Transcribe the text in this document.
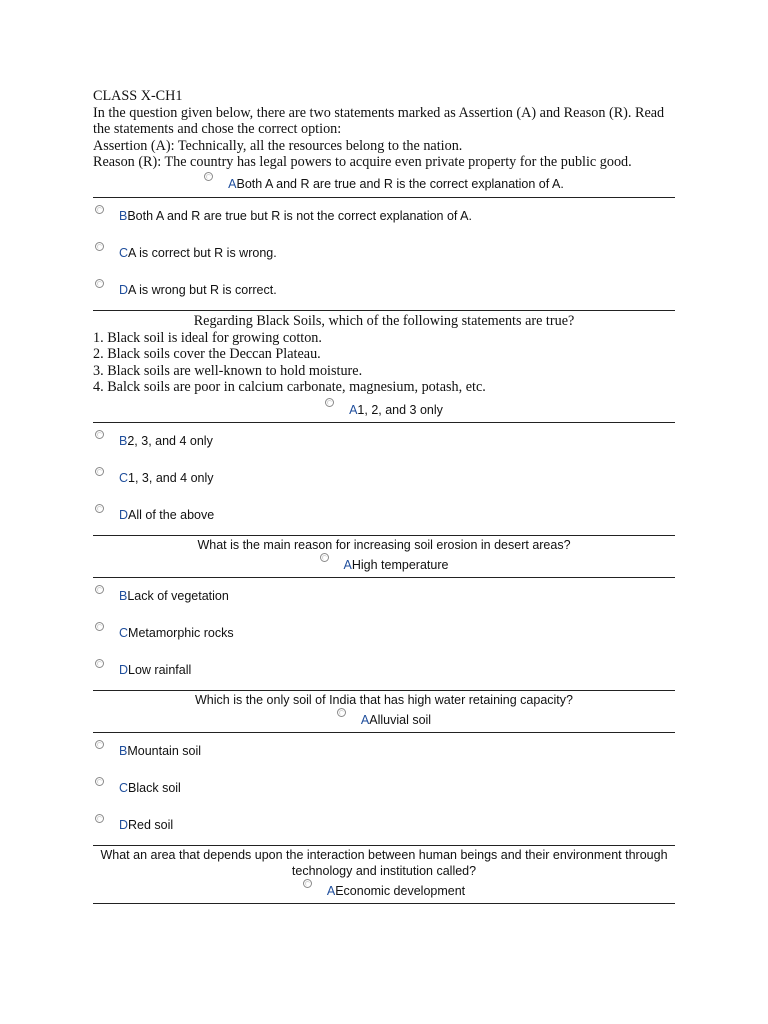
CLASS X-CH1

In the question given below, there are two statements marked as Assertion (A) and Reason (R). Read the statements and chose the correct option:

Assertion (A): Technically, all the resources belong to the nation.

Reason (R): The country has legal powers to acquire even private property for the public good.

ABoth A and R are true and R is the correct explanation of A.
BBoth A and R are true but R is not the correct explanation of A.
CA is correct but R is wrong.
DA is wrong but R is correct.

Regarding Black Soils, which of the following statements are true?

1. Black soil is ideal for growing cotton.

2. Black soils cover the Deccan Plateau.

3. Black soils are well-known to hold moisture.

4. Balck soils are poor in calcium carbonate, magnesium, potash, etc.

A1, 2, and 3 only
B2, 3, and 4 only
C1, 3, and 4 only
DAll of the above
What is the main reason for increasing soil erosion in desert areas?
AHigh temperature
BLack of vegetation
CMetamorphic rocks
DLow rainfall
Which is the only soil of India that has high water retaining capacity?
AAlluvial soil
BMountain soil
CBlack soil
DRed soil
What an area that depends upon the interaction between human beings and their environment through technology and institution called?
AEconomic development
